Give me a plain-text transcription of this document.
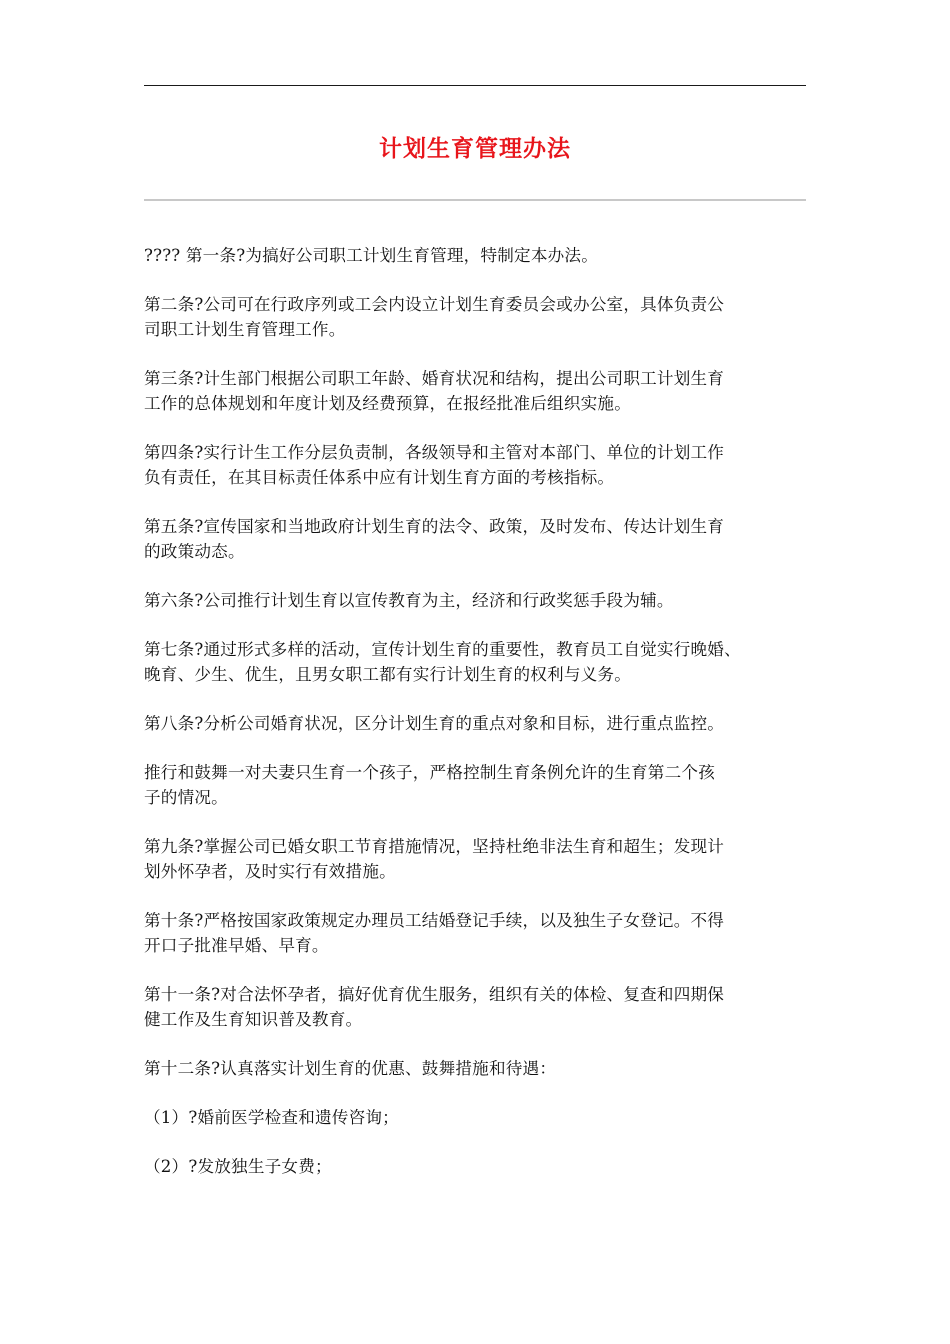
计划生育管理办法

???? 第一条?为搞好公司职工计划生育管理，特制定本办法。

第二条?公司可在行政序列或工会内设立计划生育委员会或办公室，具体负责公
司职工计划生育管理工作。

第三条?计生部门根据公司职工年龄、婚育状况和结构，提出公司职工计划生育
工作的总体规划和年度计划及经费预算，在报经批准后组织实施。

第四条?实行计生工作分层负责制，各级领导和主管对本部门、单位的计划工作
负有责任，在其目标责任体系中应有计划生育方面的考核指标。

第五条?宣传国家和当地政府计划生育的法令、政策，及时发布、传达计划生育
的政策动态。

第六条?公司推行计划生育以宣传教育为主，经济和行政奖惩手段为辅。

第七条?通过形式多样的活动，宣传计划生育的重要性，教育员工自觉实行晚婚、
晚育、少生、优生，且男女职工都有实行计划生育的权利与义务。

第八条?分析公司婚育状况，区分计划生育的重点对象和目标，进行重点监控。

推行和鼓舞一对夫妻只生育一个孩子，严格控制生育条例允许的生育第二个孩
子的情况。

第九条?掌握公司已婚女职工节育措施情况，坚持杜绝非法生育和超生；发现计
划外怀孕者，及时实行有效措施。

第十条?严格按国家政策规定办理员工结婚登记手续，以及独生子女登记。不得
开口子批准早婚、早育。

第十一条?对合法怀孕者，搞好优育优生服务，组织有关的体检、复查和四期保
健工作及生育知识普及教育。

第十二条?认真落实计划生育的优惠、鼓舞措施和待遇：

（1）?婚前医学检查和遗传咨询；

（2）?发放独生子女费；
